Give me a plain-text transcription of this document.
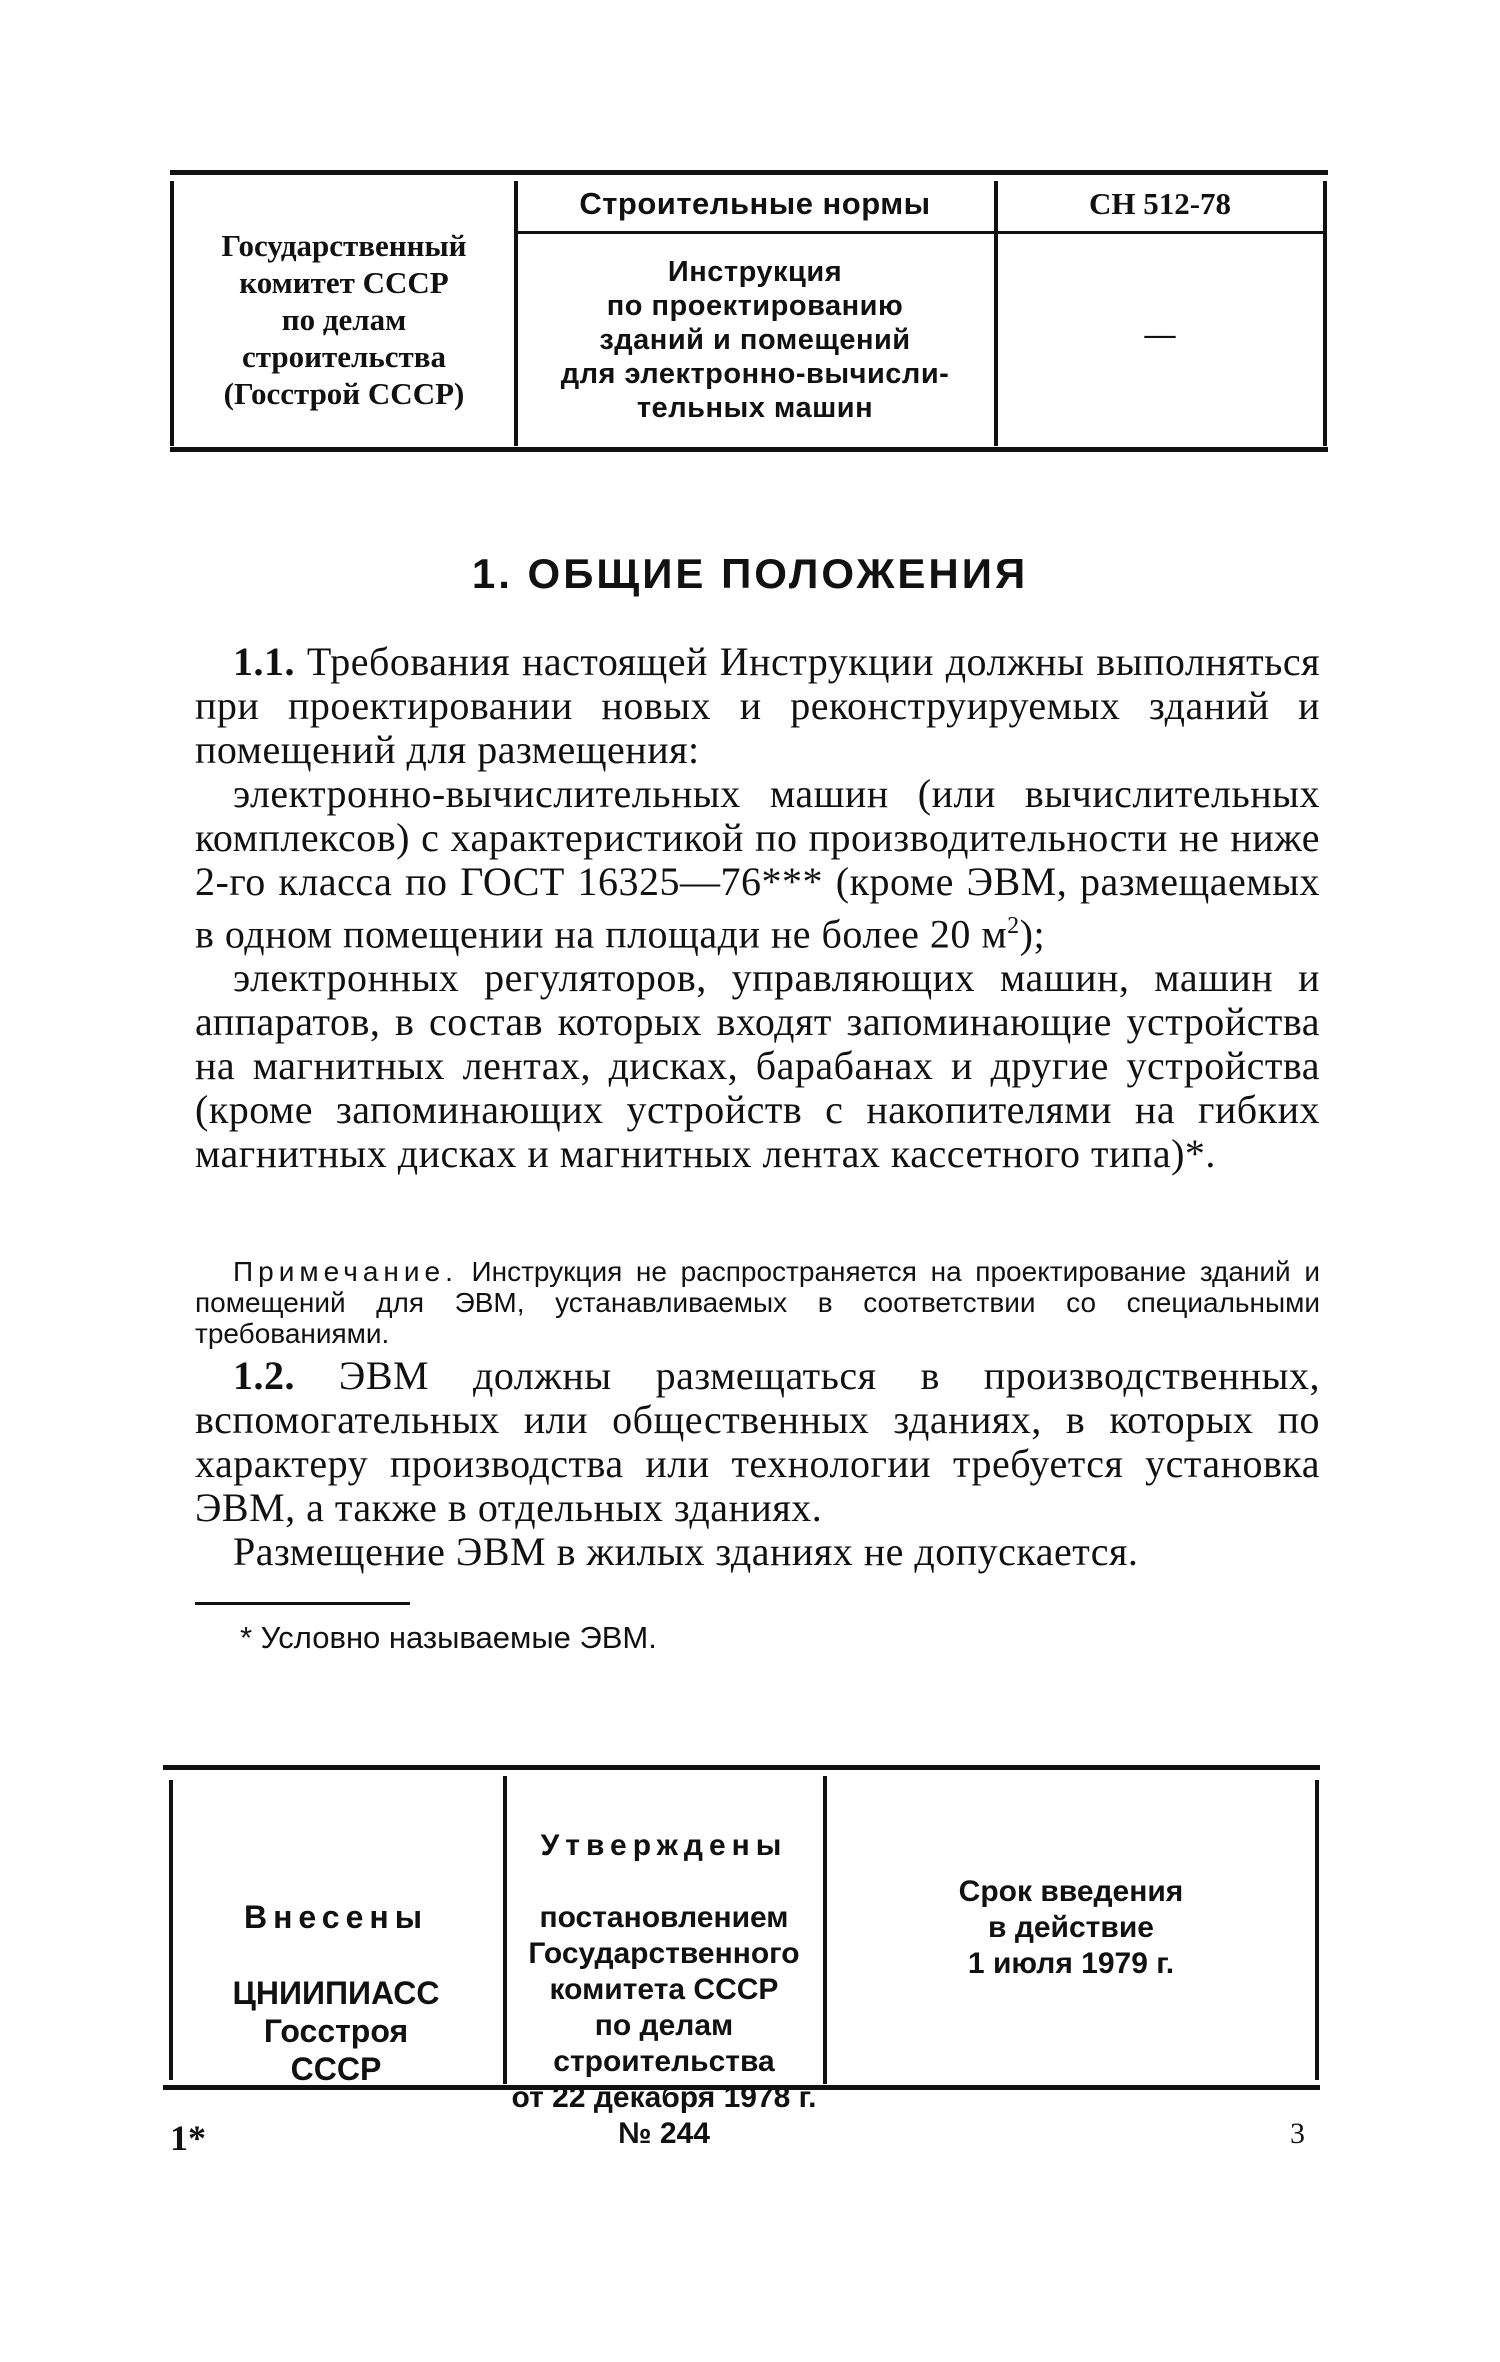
Государственный
комитет СССР
по делам
строительства
(Госстрой СССР)
Строительные нормы	СН 512-78
Инструкция
по проектированию
зданий и помещений
для электронно-вычисли-
тельных машин
—
1. ОБЩИЕ ПОЛОЖЕНИЯ

1.1. Требования настоящей Инструкции должны выполняться при проектировании новых и реконструируемых зданий и помещений для размещения:

электронно-вычислительных машин (или вычислительных комплексов) с характеристикой по производительности не ниже 2-го класса по ГОСТ 16325—76*** (кроме ЭВМ, размещаемых в одном помещении на площади не более 20 $м^2$);

электронных регуляторов, управляющих машин, машин и аппаратов, в состав которых входят запоминающие устройства на магнитных лентах, дисках, барабанах и другие устройства (кроме запоминающих устройств с накопителями на гибких магнитных дисках и магнитных лентах кассетного типа)*.

Примечание. Инструкция не распространяется на проектирование зданий и помещений для ЭВМ, устанавливаемых в соответствии со специальными требованиями.

1.2. ЭВМ должны размещаться в производственных, вспомогательных или общественных зданиях, в которых по характеру производства или технологии требуется установка ЭВМ, а также в отдельных зданиях.

Размещение ЭВМ в жилых зданиях не допускается.

* Условно называемые ЭВМ.

Внесены

ЦНИИПИАСС
Госстроя
СССР

Утверждены

постановлением
Государственного
комитета СССР
по делам строительства
от 22 декабря 1978 г.
№ 244

Срок введения
в действие
1 июля 1979 г.
1*	3
